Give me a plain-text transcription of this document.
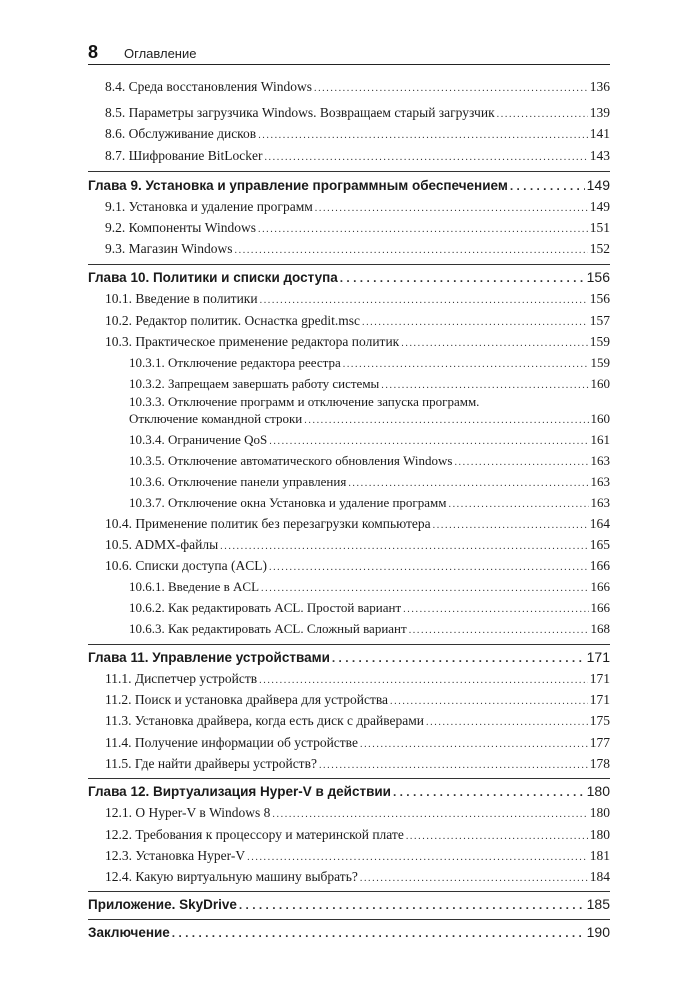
8 Оглавление
8.4. Среда восстановления Windows .....	136
8.5. Параметры загрузчика Windows. Возвращаем старый загрузчик .....	139
8.6. Обслуживание дисков .....	141
8.7. Шифрование BitLocker .....	143
Глава 9. Установка и управление программным обеспечением . . .	149
9.1. Установка и удаление программ .....	149
9.2. Компоненты Windows .....	151
9.3. Магазин Windows .....	152
Глава 10. Политики и списки доступа . . .	156
10.1. Введение в политики .....	156
10.2. Редактор политик. Оснастка gpedit.msc .....	157
10.3. Практическое применение редактора политик .....	159
10.3.1. Отключение редактора реестра .....	159
10.3.2. Запрещаем завершать работу системы .....	160
10.3.3. Отключение программ и отключение запуска программ.
Отключение командной строки .....	160
10.3.4. Ограничение QoS .....	161
10.3.5. Отключение автоматического обновления Windows .....	163
10.3.6. Отключение панели управления .....	163
10.3.7. Отключение окна Установка и удаление программ .....	163
10.4. Применение политик без перезагрузки компьютера .....	164
10.5. ADMX-файлы .....	165
10.6. Списки доступа (ACL) .....	166
10.6.1. Введение в ACL .....	166
10.6.2. Как редактировать ACL. Простой вариант .....	166
10.6.3. Как редактировать ACL. Сложный вариант .....	168
Глава 11. Управление устройствами . . .	171
11.1. Диспетчер устройств .....	171
11.2. Поиск и установка драйвера для устройства .....	171
11.3. Установка драйвера, когда есть диск с драйверами .....	175
11.4. Получение информации об устройстве .....	177
11.5. Где найти драйверы устройств? .....	178
Глава 12. Виртуализация Hyper-V в действии . . .	180
12.1. О Hyper-V в Windows 8 .....	180
12.2. Требования к процессору и материнской плате .....	180
12.3. Установка Hyper-V .....	181
12.4. Какую виртуальную машину выбрать? .....	184
Приложение. SkyDrive . . .	185
Заключение . . .	190
